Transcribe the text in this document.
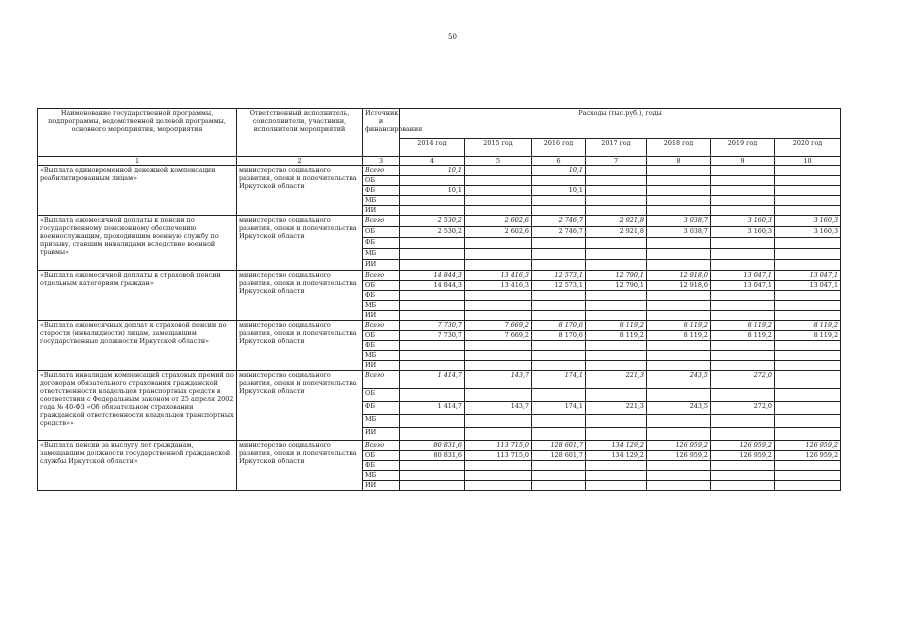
50
Наименование государственной программы, подпрограммы, ведомственной целевой программы, основного мероприятия, мероприятия	Ответственный исполнитель, соисполнители, участники, исполнители мероприятий	Источник и финансирования	Расходы (тыс.руб.), годы						
			2014 год	2015 год	2016 год	2017 год	2018 год	2019 год	2020 год
1	2	3	4	5	6	7	8	9	10
«Выплата единовременной денежной компенсации реабилитированным лицам»	министерство социального развития, опеки и попечительства Иркутской области	Всего	10,1		10,1				
		ОБ							
		ФБ	10,1		10,1				
		МБ							
		ИИ							
«Выплата ежемесячной доплаты к пенсии по государственному пенсионному обеспечению военнослужащим, проходившим военную службу по призыву, ставшим инвалидами вследствие военной травмы»	министерство социального развития, опеки и попечительства Иркутской области	Всего	2 530,2	2 602,6	2 746,7	2 921,8	3 038,7	3 160,3	3 160,3
		ОБ	2 530,2	2 602,6	2 746,7	2 921,8	3 038,7	3 160,3	3 160,3
		ФБ							
		МБ							
		ИИ							
«Выплата ежемесячной доплаты к страховой пенсии отдельным категориям граждан»	министерство социального развития, опеки и попечительства Иркутской области	Всего	14 844,3	13 416,3	12 573,1	12 790,1	12 918,0	13 047,1	13 047,1
		ОБ	14 844,3	13 416,3	12 573,1	12 790,1	12 918,0	13 047,1	13 047,1
		ФБ							
		МБ							
		ИИ							
«Выплата ежемесячных доплат к страховой пенсии по старости (инвалидности) лицам, замещавшим государственные должности Иркутской области»	министерство социального развития, опеки и попечительства Иркутской области	Всего	7 730,7	7 669,2	8 170,6	8 119,2	8 119,2	8 119,2	8 119,2
		ОБ	7 730,7	7 669,2	8 170,6	8 119,2	8 119,2	8 119,2	8 119,2
		ФБ							
		МБ							
		ИИ							
«Выплата инвалидам компенсаций страховых премий по договорам обязательного страхования гражданской ответственности владельцев транспортных средств в соответствии с Федеральным законом от 25 апреля 2002 года № 40-ФЗ «Об обязательном страховании гражданской ответственности владельцев транспортных средств»»	министерство социального развития, опеки и попечительства Иркутской области	Всего	1 414,7	143,7	174,1	221,3	243,5	272,0	
		ОБ							
		ФБ	1 414,7	143,7	174,1	221,3	243,5	272,0	
		МБ							
		ИИ							
«Выплата пенсии за выслугу лет гражданам, замещавшим должности государственной гражданской службы Иркутской области»	министерство социального развития, опеки и попечительства Иркутской области	Всего	80 831,6	113 715,0	128 601,7	134 129,2	126 959,2	126 959,2	126 959,2
		ОБ	80 831,6	113 715,0	128 601,7	134 129,2	126 959,2	126 959,2	126 959,2
		ФБ							
		МБ							
		ИИ							
